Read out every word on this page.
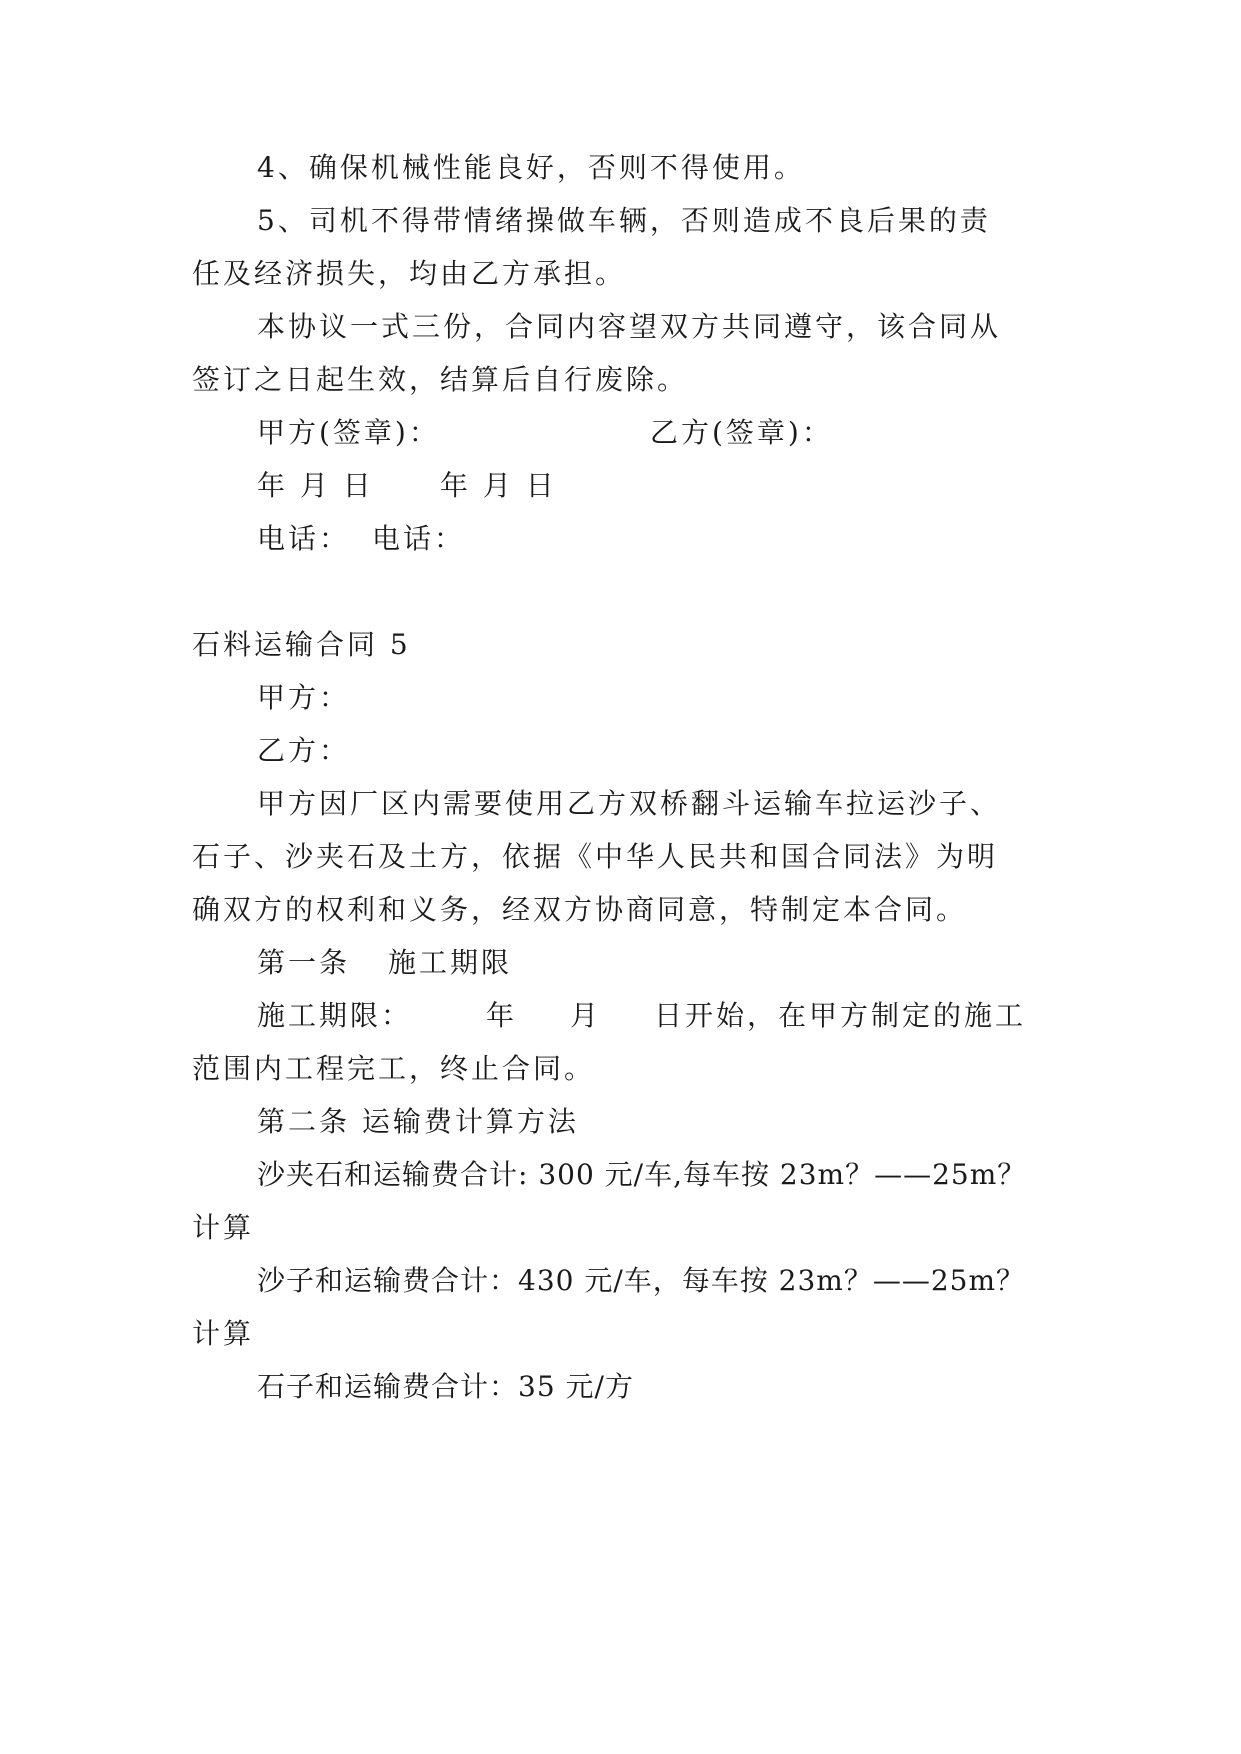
4、确保机械性能良好，否则不得使用。

5、司机不得带情绪操做车辆，否则造成不良后果的责

任及经济损失，均由乙方承担。

本协议一式三份，合同内容望双方共同遵守，该合同从

签订之日起生效，结算后自行废除。

甲方(签章)：	乙方(签章)：

年 月 日 年 月 日

电话： 电话：

石料运输合同 5

甲方：

乙方：

甲方因厂区内需要使用乙方双桥翻斗运输车拉运沙子、

石子、沙夹石及土方，依据《中华人民共和国合同法》为明

确双方的权利和义务，经双方协商同意，特制定本合同。

第一条 施工期限

施工期限：	年 月 日开始，在甲方制定的施工

范围内工程完工，终止合同。

第二条 运输费计算方法

沙夹石和运输费合计: 300 元/车,每车按 23m？——25m？

计算

沙子和运输费合计：430 元/车，每车按 23m？——25m？

计算

石子和运输费合计：35 元/方
